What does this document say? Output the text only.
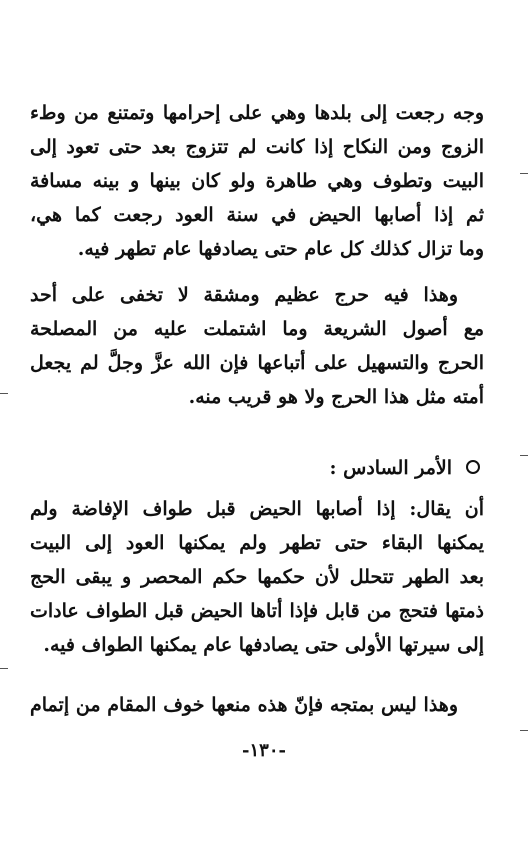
وجه رجعت إلى بلدها وهي على إحرامها وتمتنع من وطء
الزوج ومن النكاح إذا كانت لم تتزوج بعد حتى تعود إلى
البيت وتطوف وهي طاهرة ولو كان بينها و بينه مسافة
ثم إذا أصابها الحيض في سنة العود رجعت كما هي،
وما تزال كذلك كل عام حتى يصادفها عام تطهر فيه.
وهذا فيه حرج عظيم ومشقة لا تخفى على أحد
مع أصول الشريعة وما اشتملت عليه من المصلحة
الحرج والتسهيل على أتباعها فإن الله عزَّ وجلَّ لم يجعل
أمته مثل هذا الحرج ولا هو قريب منه.
الأمر السادس :
أن يقال: إذا أصابها الحيض قبل طواف الإفاضة ولم
يمكنها البقاء حتى تطهر ولم يمكنها العود إلى البيت
بعد الطهر تتحلل لأن حكمها حكم المحصر و يبقى الحج
ذمتها فتحج من قابل فإذا أتاها الحيض قبل الطواف عادات
إلى سيرتها الأولى حتى يصادفها عام يمكنها الطواف فيه.
وهذا ليس بمتجه فإنّ هذه منعها خوف المقام من إتمام
-١٣٠-
